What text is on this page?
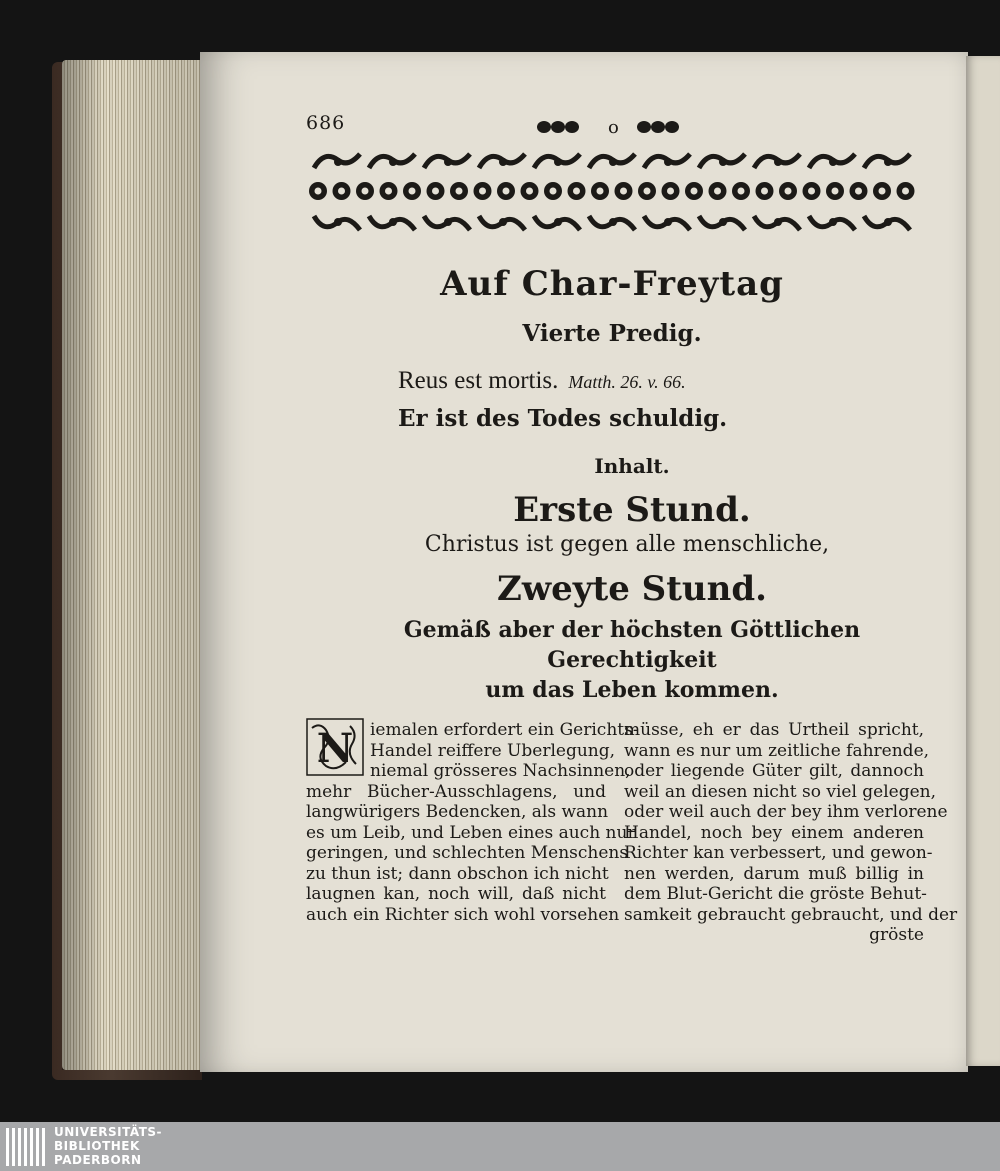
686	o
Auf Char-Freytag
Vierte Predig.
Reus est mortis. Matth. 26. v. 66.
Er ist des Todes schuldig.
Inhalt.
Erste Stund.
Christus ist gegen alle menschliche,
Zweyte Stund.
Gemäß aber der höchsten Göttlichen Gerechtigkeit
um das Leben kommen.
N iemalen erfordert ein Gerichts-
Handel reiffere Uberlegung,
niemal grösseres Nachsinnen,
mehr Bücher-Ausschlagens, und
langwürigers Bedencken, als wann
es um Leib, und Leben eines auch nur
geringen, und schlechten Menschens
zu thun ist; dann obschon ich nicht
laugnen kan, noch will, daß nicht
auch ein Richter sich wohl vorsehen
müsse, eh er das Urtheil spricht,
wann es nur um zeitliche fahrende,
oder liegende Güter gilt, dannoch
weil an diesen nicht so viel gelegen,
oder weil auch der bey ihm verlorene
Handel, noch bey einem anderen
Richter kan verbessert, und gewon-
nen werden, darum muß billig in
dem Blut-Gericht die gröste Behut-
samkeit gebraucht gebraucht, und der
gröste
UNIVERSITÄTS-
BIBLIOTHEK
PADERBORN
